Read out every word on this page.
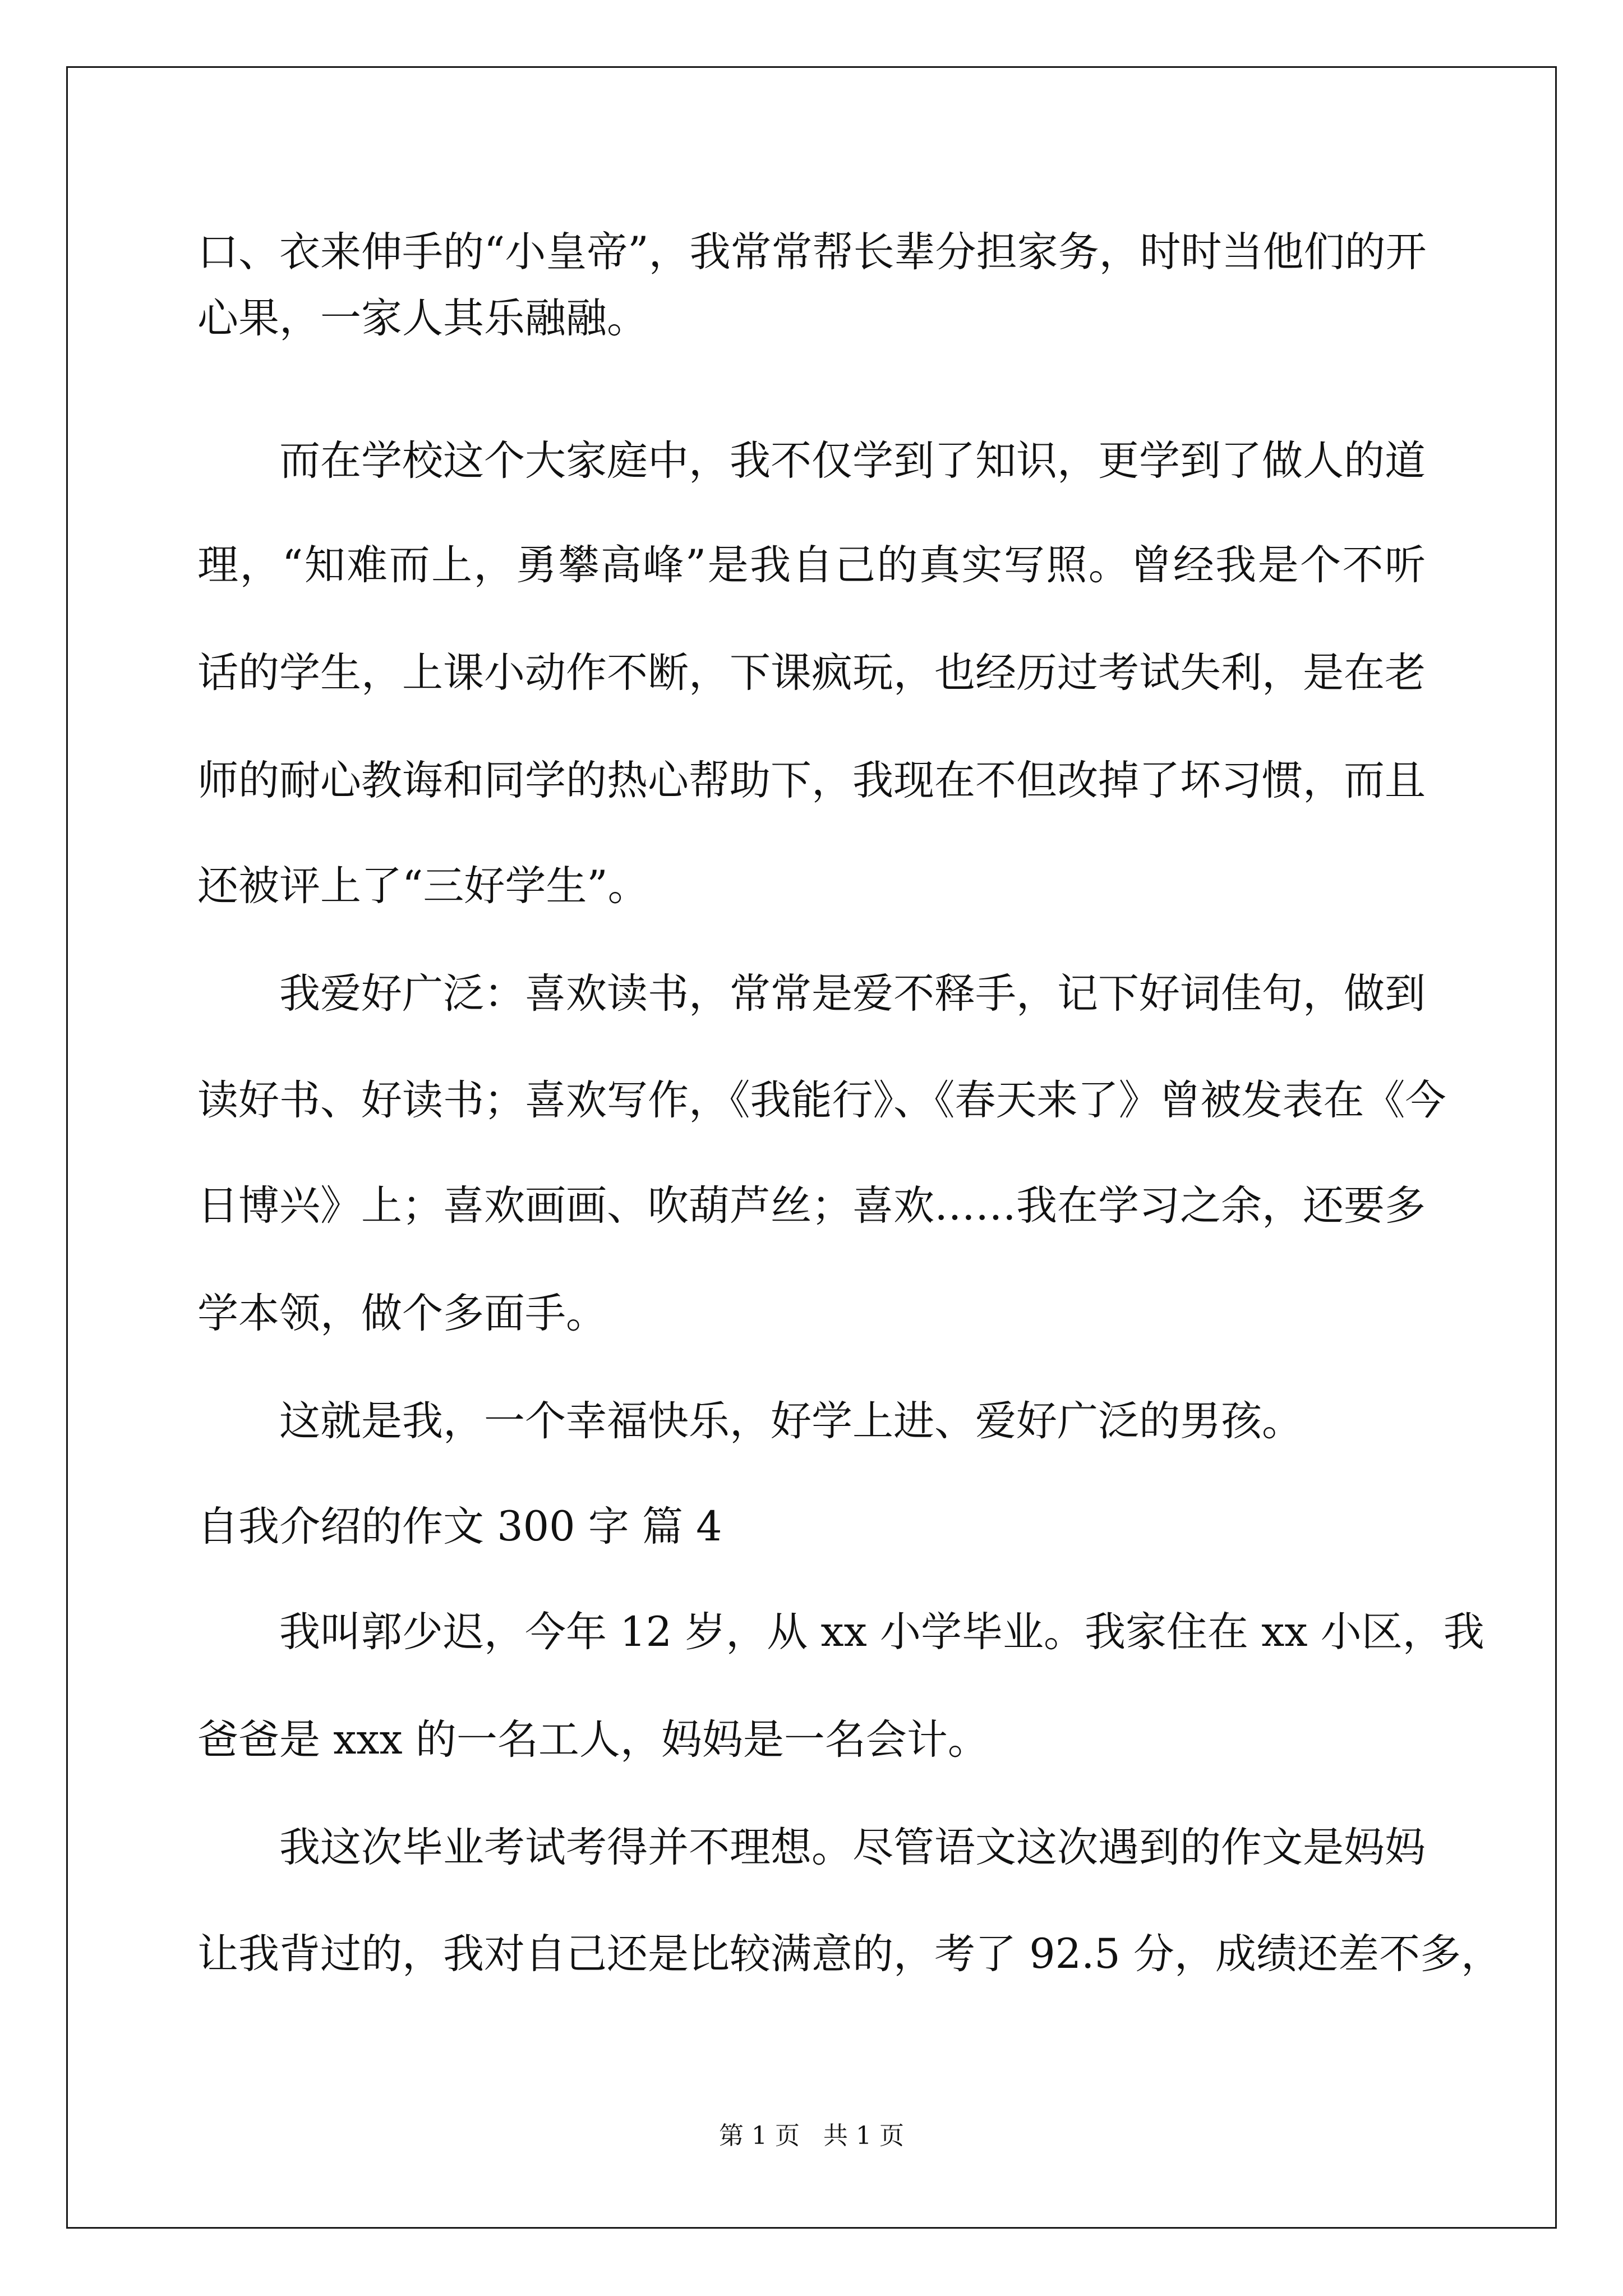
口、衣来伸手的“小皇帝”，我常常帮长辈分担家务，时时当他们的开
心果，一家人其乐融融。
而在学校这个大家庭中，我不仅学到了知识，更学到了做人的道
理，“知难而上，勇攀高峰”是我自己的真实写照。曾经我是个不听
话的学生，上课小动作不断，下课疯玩，也经历过考试失利，是在老
师的耐心教诲和同学的热心帮助下，我现在不但改掉了坏习惯，而且
还被评上了“三好学生”。
我爱好广泛：喜欢读书，常常是爱不释手，记下好词佳句，做到
读好书、好读书；喜欢写作，《我能行》、《春天来了》曾被发表在《今
日博兴》上；喜欢画画、吹葫芦丝；喜欢……我在学习之余，还要多
学本领，做个多面手。
这就是我，一个幸福快乐，好学上进、爱好广泛的男孩。
自我介绍的作文 300 字 篇 4
我叫郭少迟，今年 12 岁，从 xx 小学毕业。我家住在 xx 小区，我
爸爸是 xxx 的一名工人，妈妈是一名会计。
我这次毕业考试考得并不理想。尽管语文这次遇到的作文是妈妈
让我背过的，我对自己还是比较满意的，考了 92.5 分，成绩还差不多，
第 1 页   共 1 页
